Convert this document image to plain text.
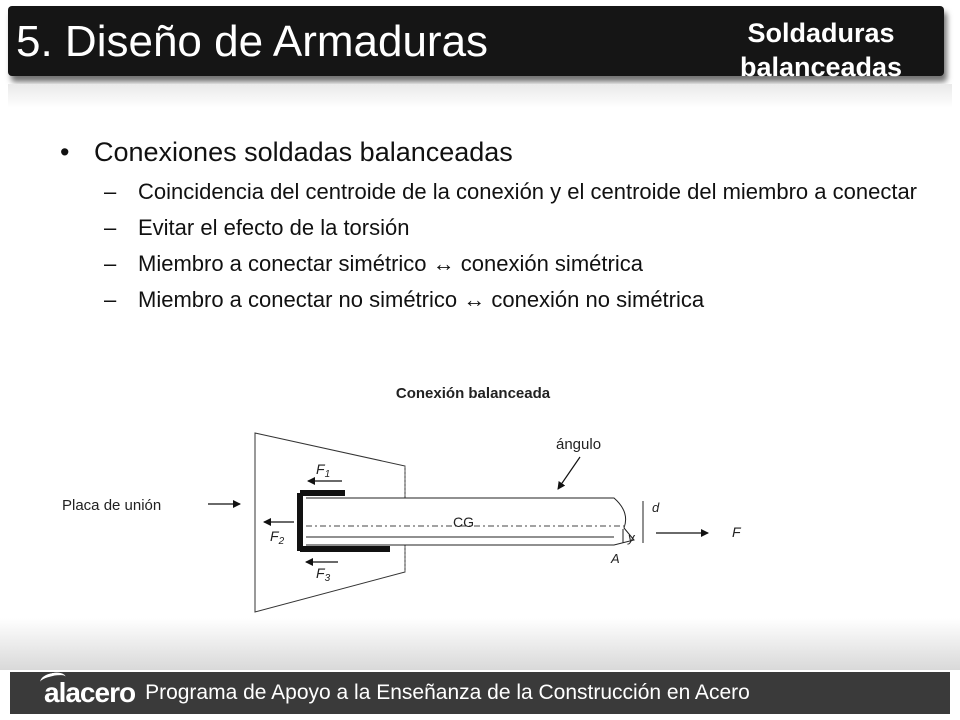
5. Diseño de Armaduras	Soldaduras
balanceadas
• Conexiones soldadas balanceadas
– Coincidencia del centroide de la conexión y el centroide del miembro a conectar
– Evitar el efecto de la torsión
– Miembro a conectar simétrico ↔ conexión simétrica
– Miembro a conectar no simétrico ↔ conexión no simétrica
Conexión balanceada
Placa de unión
ángulo
CG
$F_1$
$F_2$
$F_3$
F
d
y
A
alacero Programa de Apoyo a la Enseñanza de la Construcción en Acero
